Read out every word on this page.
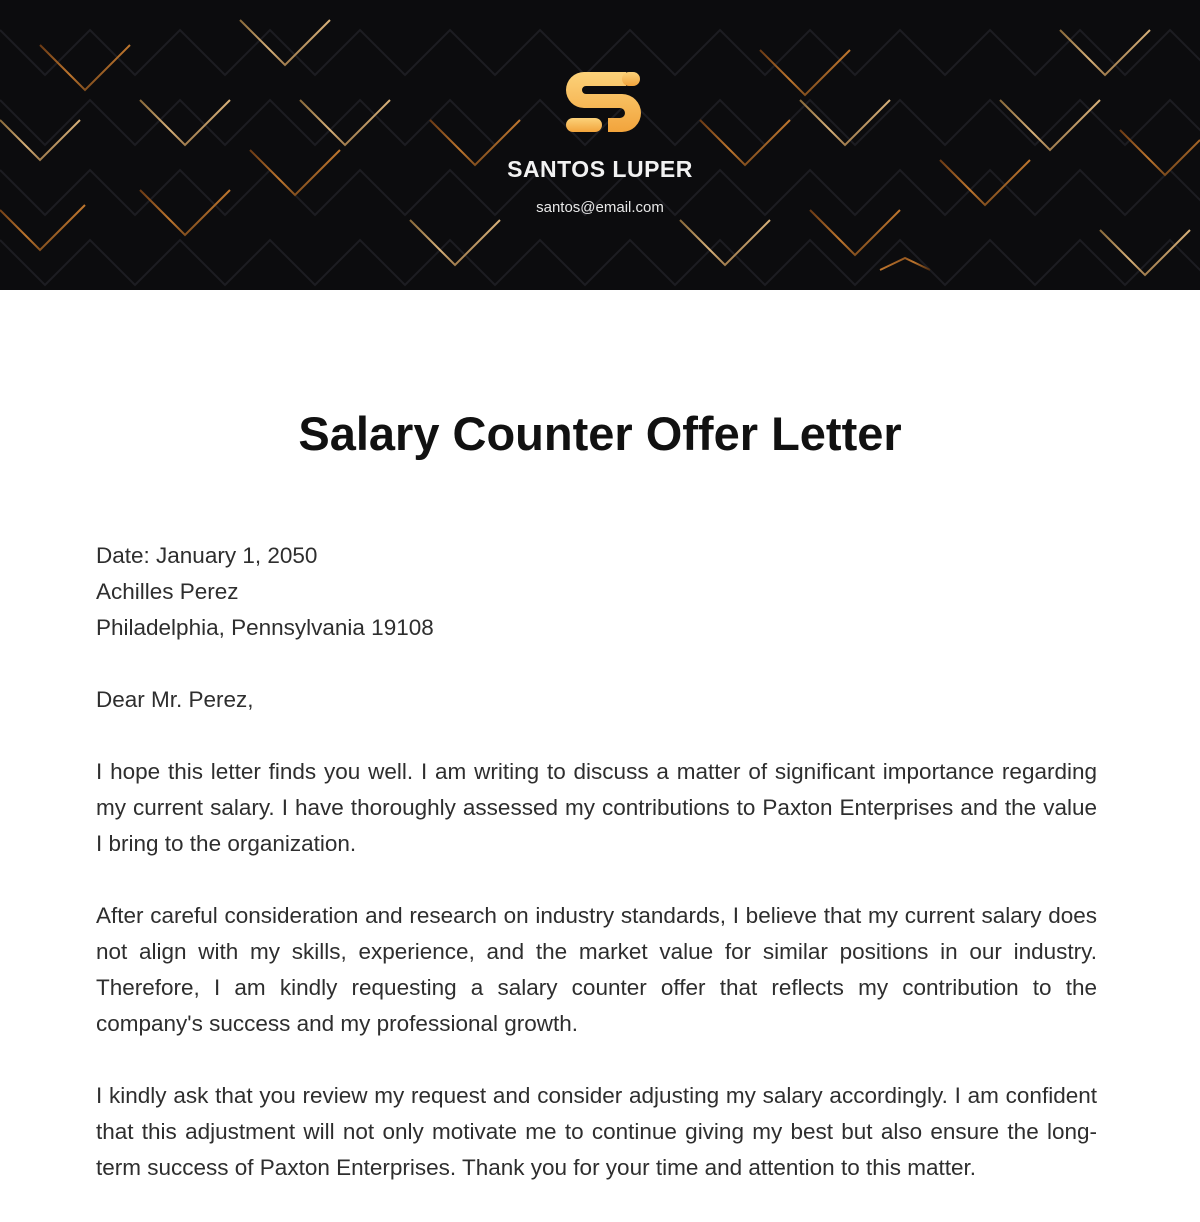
SANTOS LUPER
santos@email.com
Salary Counter Offer Letter

Date: January 1, 2050
Achilles Perez
Philadelphia, Pennsylvania 19108

Dear Mr. Perez,

I hope this letter finds you well. I am writing to discuss a matter of significant importance regarding my current salary. I have thoroughly assessed my contributions to Paxton Enterprises and the value I bring to the organization.

After careful consideration and research on industry standards, I believe that my current salary does not align with my skills, experience, and the market value for similar positions in our industry. Therefore, I am kindly requesting a salary counter offer that reflects my contribution to the company's success and my professional growth.

I kindly ask that you review my request and consider adjusting my salary accordingly. I am confident that this adjustment will not only motivate me to continue giving my best but also ensure the long-term success of Paxton Enterprises. Thank you for your time and attention to this matter.
